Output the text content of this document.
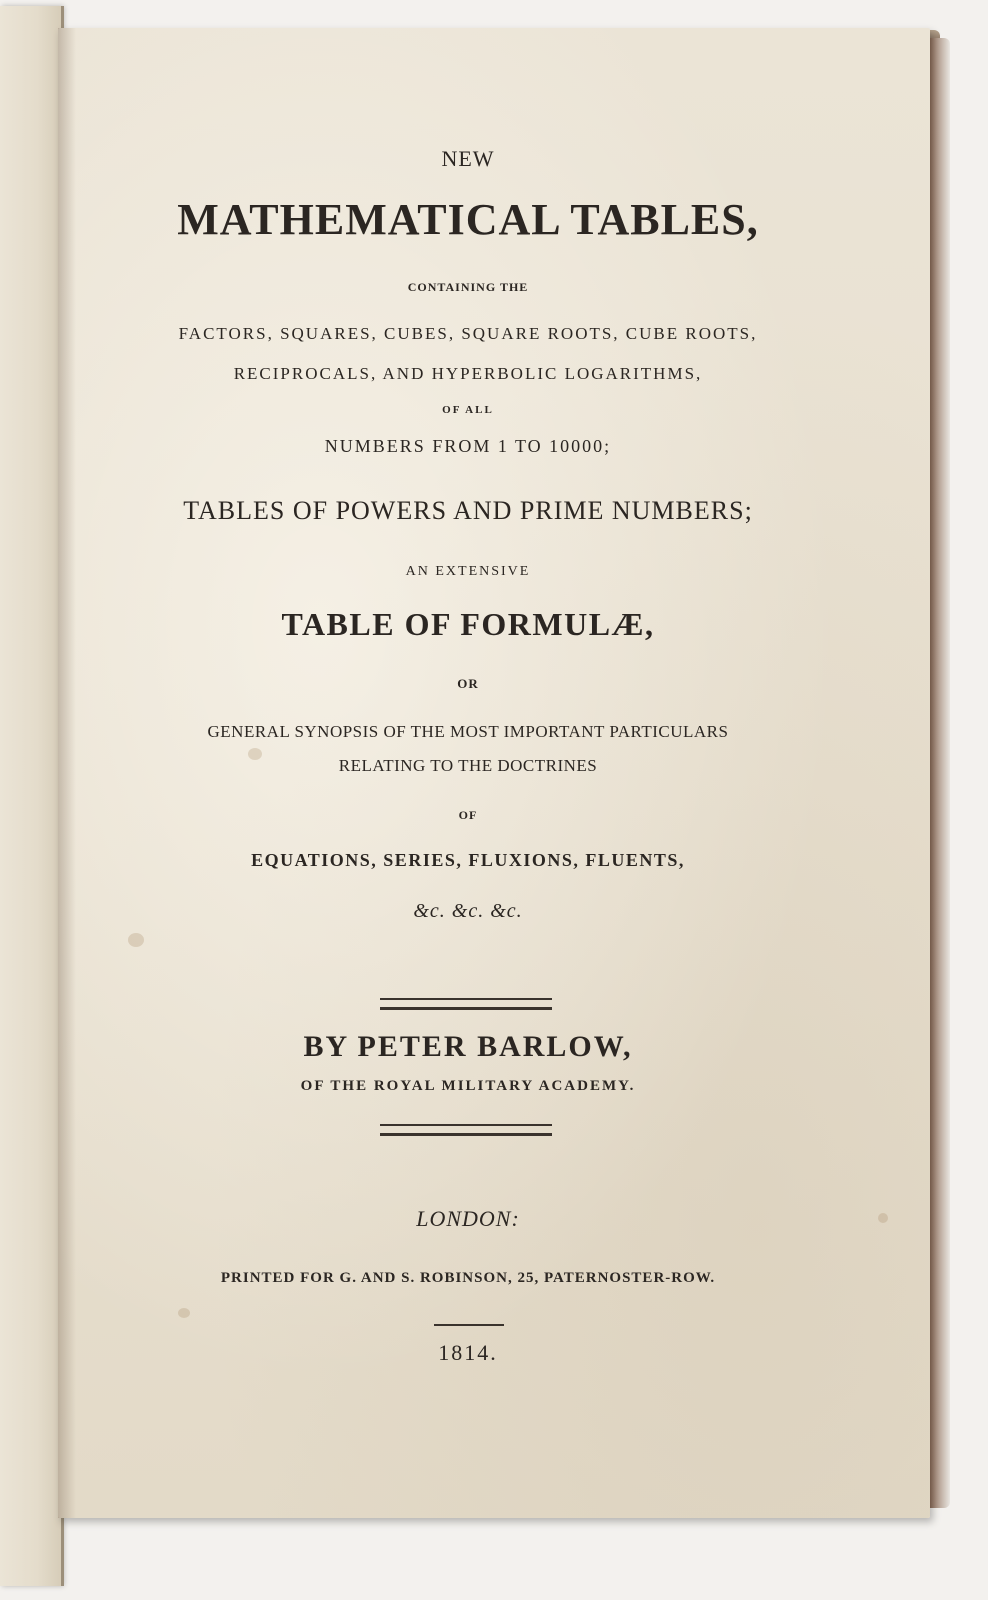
NEW

MATHEMATICAL TABLES,

CONTAINING THE

FACTORS, SQUARES, CUBES, SQUARE ROOTS, CUBE ROOTS,

RECIPROCALS, AND HYPERBOLIC LOGARITHMS,

OF ALL

NUMBERS FROM 1 TO 10000;

TABLES OF POWERS AND PRIME NUMBERS;

AN EXTENSIVE

TABLE OF FORMULÆ,

OR

GENERAL SYNOPSIS OF THE MOST IMPORTANT PARTICULARS

RELATING TO THE DOCTRINES

OF

EQUATIONS, SERIES, FLUXIONS, FLUENTS,

&c. &c. &c.

BY PETER BARLOW,

OF THE ROYAL MILITARY ACADEMY.

LONDON:

PRINTED FOR G. AND S. ROBINSON, 25, PATERNOSTER-ROW.

1814.
